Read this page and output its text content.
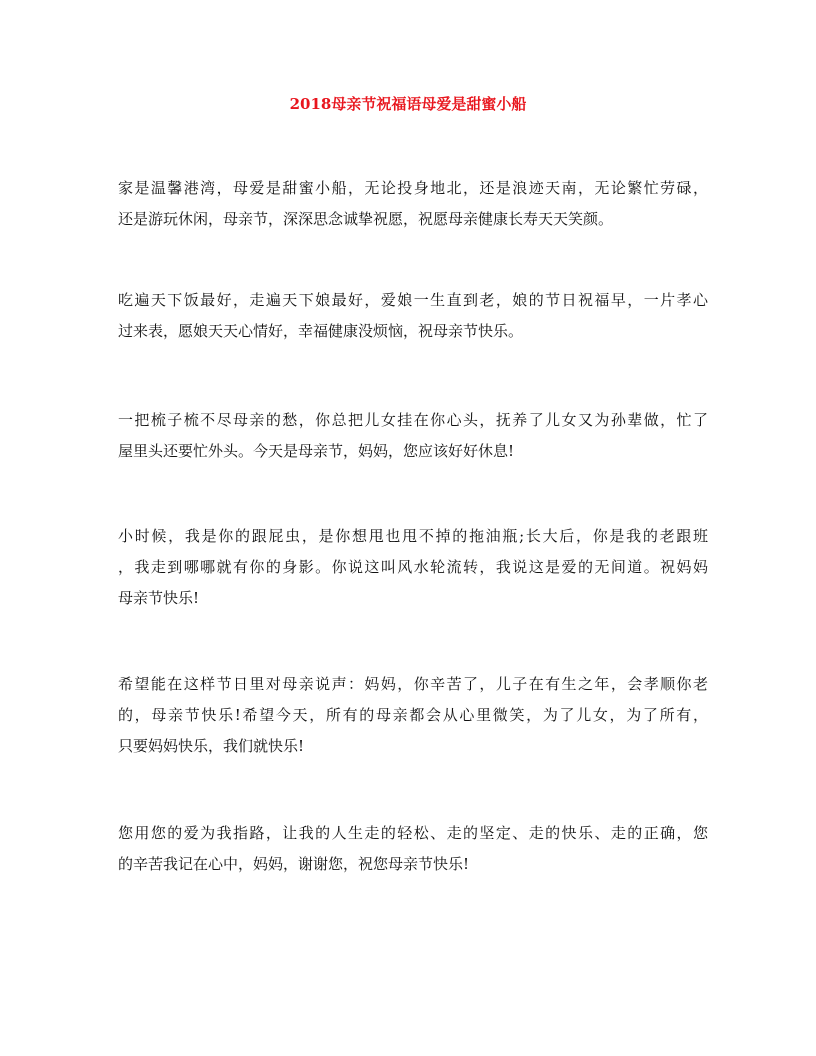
2018母亲节祝福语母爱是甜蜜小船
家是温馨港湾，母爱是甜蜜小船，无论投身地北，还是浪迹天南，无论繁忙劳碌，
还是游玩休闲，母亲节，深深思念诚挚祝愿，祝愿母亲健康长寿天天笑颜。
吃遍天下饭最好，走遍天下娘最好，爱娘一生直到老，娘的节日祝福早，一片孝心
过来表，愿娘天天心情好，幸福健康没烦恼，祝母亲节快乐。
一把梳子梳不尽母亲的愁，你总把儿女挂在你心头，抚养了儿女又为孙辈做，忙了
屋里头还要忙外头。今天是母亲节，妈妈，您应该好好休息!
小时候，我是你的跟屁虫，是你想甩也甩不掉的拖油瓶;长大后，你是我的老跟班
，我走到哪哪就有你的身影。你说这叫风水轮流转，我说这是爱的无间道。祝妈妈
母亲节快乐!
希望能在这样节日里对母亲说声：妈妈，你辛苦了，儿子在有生之年，会孝顺你老
的，母亲节快乐!希望今天，所有的母亲都会从心里微笑，为了儿女，为了所有，
只要妈妈快乐，我们就快乐!
您用您的爱为我指路，让我的人生走的轻松、走的坚定、走的快乐、走的正确，您
的辛苦我记在心中，妈妈，谢谢您，祝您母亲节快乐!
